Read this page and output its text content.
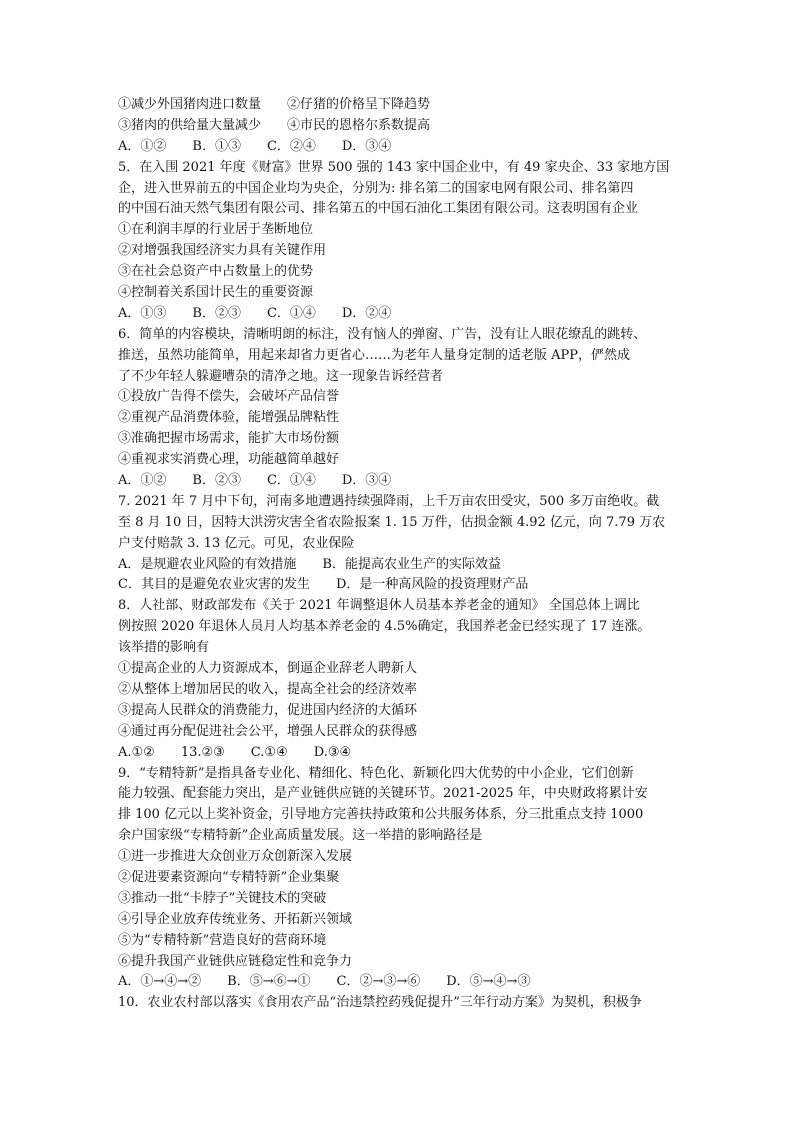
①减少外国猪肉进口数量　　②仔猪的价格呈下降趋势
③猪肉的供给量大量减少　　④市民的恩格尔系数提高
A．①②　　B．①③　　C．②④　　D．③④
5．在入围 2021 年度《财富》世界 500 强的 143 家中国企业中，有 49 家央企、33 家地方国
企，进入世界前五的中国企业均为央企，分别为: 排名第二的国家电网有限公司、排名第四
的中国石油天然气集团有限公司、排名第五的中国石油化工集团有限公司。这表明国有企业
①在利润丰厚的行业居于垄断地位
②对增强我国经济实力具有关键作用
③在社会总资产中占数量上的优势
④控制着关系国计民生的重要资源
A．①③　　B．②③　　C．①④　　D．②④
6．简单的内容模块，清晰明朗的标注，没有恼人的弹窗、广告，没有让人眼花缭乱的跳转、
推送，虽然功能简单，用起来却省力更省心……为老年人量身定制的适老版 APP，俨然成
了不少年轻人躲避嘈杂的清净之地。这一现象告诉经营者
①投放广告得不偿失，会破坏产品信誉
②重视产品消费体验，能增强品牌粘性
③准确把握市场需求，能扩大市场份额
④重视求实消费心理，功能越简单越好
A．①②　　B．②③　　C．①④　　D．③④
7. 2021 年 7 月中下旬，河南多地遭遇持续强降雨，上千万亩农田受灾，500 多万亩绝收。截
至 8 月 10 日，因特大洪涝灾害全省农险报案 1. 15 万件，估损金额 4.92 亿元，向 7.79 万农
户支付赔款 3. 13 亿元。可见，农业保险
A．是规避农业风险的有效措施　　B．能提高农业生产的实际效益
C．其目的是避免农业灾害的发生　　D．是一种高风险的投资理财产品
8．人社部、财政部发布《关于 2021 年调整退休人员基本养老金的通知》 全国总体上调比
例按照 2020 年退休人员月人均基本养老金的 4.5%确定，我国养老金已经实现了 17 连涨。
该举措的影响有
①提高企业的人力资源成本，倒逼企业辞老人聘新人
②从整体上增加居民的收入，提高全社会的经济效率
③提高人民群众的消费能力，促进国内经济的大循环
④通过再分配促进社会公平，增强人民群众的获得感
A.①②　　13.②③　　C.①④　　D.③④
9．“专精特新”是指具备专业化、精细化、特色化、新颖化四大优势的中小企业，它们创新
能力较强、配套能力突出，是产业链供应链的关键环节。2021-2025 年，中央财政将累计安
排 100 亿元以上奖补资金，引导地方完善扶持政策和公共服务体系，分三批重点支持 1000
余户国家级“专精特新”企业高质量发展。这一举措的影响路径是
①进一步推进大众创业万众创新深入发展
②促进要素资源向“专精特新”企业集聚
③推动一批“卡脖子”关键技术的突破
④引导企业放弃传统业务、开拓新兴领域
⑤为“专精特新”营造良好的营商环境
⑥提升我国产业链供应链稳定性和竞争力
A．①→④→②　　B．⑤→⑥→①　　C．②→③→⑥　　D．⑤→④→③
10．农业农村部以落实《食用农产品“治违禁控药残促提升”三年行动方案》为契机，积极争
